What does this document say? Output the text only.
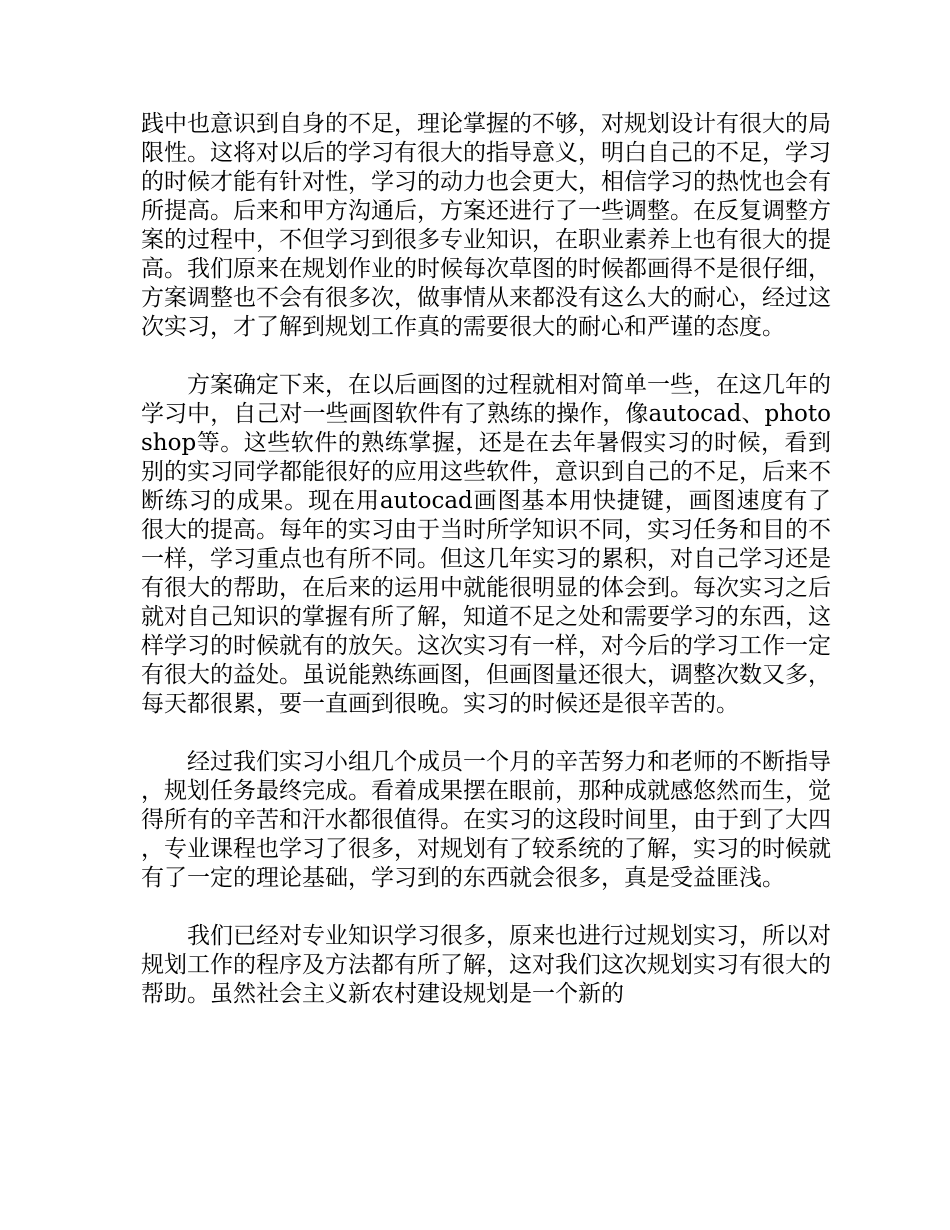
践中也意识到自身的不足，理论掌握的不够，对规划设计有很大的局限性。这将对以后的学习有很大的指导意义，明白自己的不足，学习的时候才能有针对性，学习的动力也会更大，相信学习的热忱也会有所提高。后来和甲方沟通后，方案还进行了一些调整。在反复调整方案的过程中，不但学习到很多专业知识，在职业素养上也有很大的提高。我们原来在规划作业的时候每次草图的时候都画得不是很仔细，方案调整也不会有很多次，做事情从来都没有这么大的耐心，经过这次实习，才了解到规划工作真的需要很大的耐心和严谨的态度。

方案确定下来，在以后画图的过程就相对简单一些，在这几年的学习中，自己对一些画图软件有了熟练的操作，像autocad、photoshop等。这些软件的熟练掌握，还是在去年暑假实习的时候，看到别的实习同学都能很好的应用这些软件，意识到自己的不足，后来不断练习的成果。现在用autocad画图基本用快捷键，画图速度有了很大的提高。每年的实习由于当时所学知识不同，实习任务和目的不一样，学习重点也有所不同。但这几年实习的累积，对自己学习还是有很大的帮助，在后来的运用中就能很明显的体会到。每次实习之后就对自己知识的掌握有所了解，知道不足之处和需要学习的东西，这样学习的时候就有的放矢。这次实习有一样，对今后的学习工作一定有很大的益处。虽说能熟练画图，但画图量还很大，调整次数又多，每天都很累，要一直画到很晚。实习的时候还是很辛苦的。

经过我们实习小组几个成员一个月的辛苦努力和老师的不断指导，规划任务最终完成。看着成果摆在眼前，那种成就感悠然而生，觉得所有的辛苦和汗水都很值得。在实习的这段时间里，由于到了大四，专业课程也学习了很多，对规划有了较系统的了解，实习的时候就有了一定的理论基础，学习到的东西就会很多，真是受益匪浅。

我们已经对专业知识学习很多，原来也进行过规划实习，所以对规划工作的程序及方法都有所了解，这对我们这次规划实习有很大的帮助。虽然社会主义新农村建设规划是一个新的
